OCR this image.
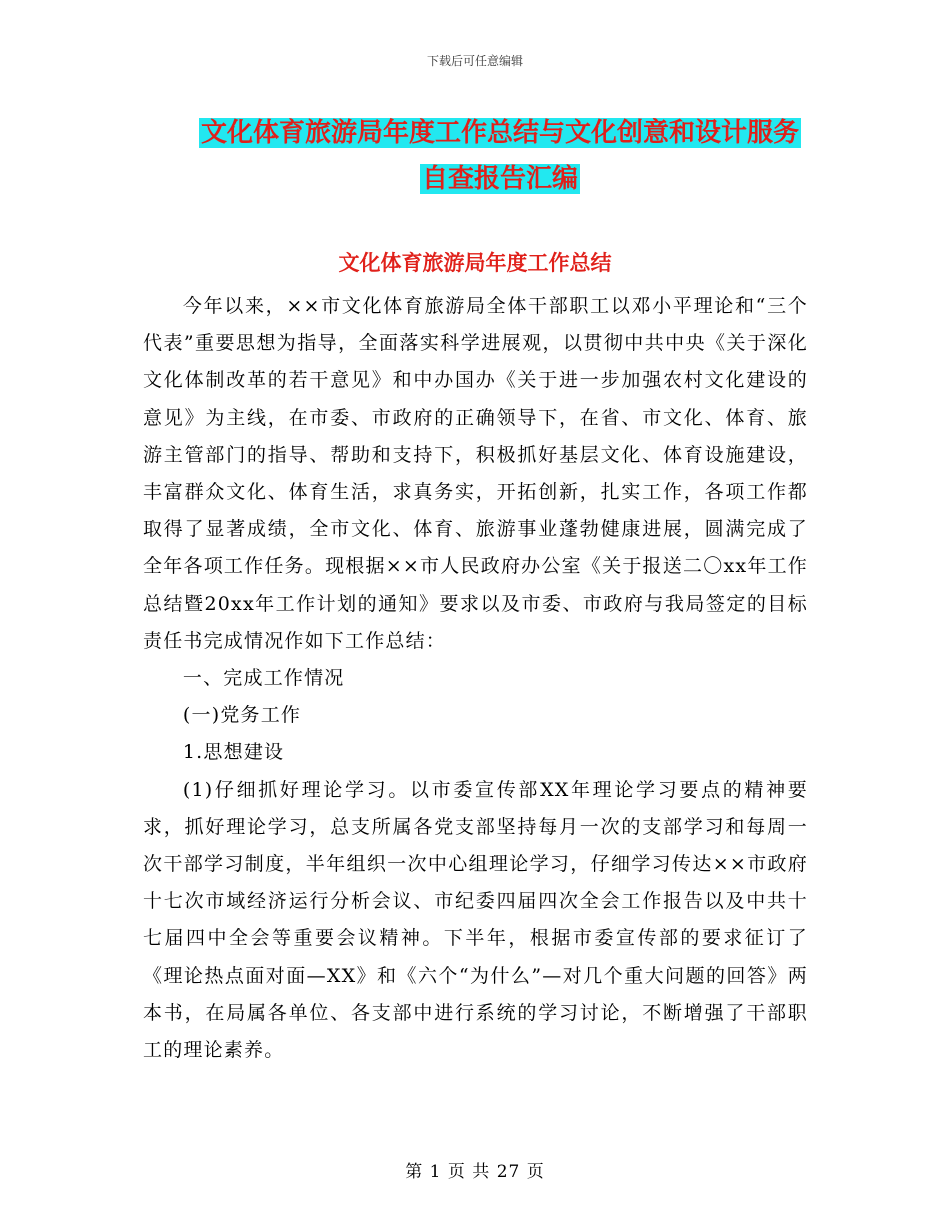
下载后可任意编辑
文化体育旅游局年度工作总结与文化创意和设计服务
自查报告汇编
文化体育旅游局年度工作总结

今年以来，××市文化体育旅游局全体干部职工以邓小平理论和“三个代表”重要思想为指导，全面落实科学进展观，以贯彻中共中央《关于深化文化体制改革的若干意见》和中办国办《关于进一步加强农村文化建设的意见》为主线，在市委、市政府的正确领导下，在省、市文化、体育、旅游主管部门的指导、帮助和支持下，积极抓好基层文化、体育设施建设，丰富群众文化、体育生活，求真务实，开拓创新，扎实工作，各项工作都取得了显著成绩，全市文化、体育、旅游事业蓬勃健康进展，圆满完成了全年各项工作任务。现根据××市人民政府办公室《关于报送二〇xx年工作总结暨20xx年工作计划的通知》要求以及市委、市政府与我局签定的目标责任书完成情况作如下工作总结：

一、完成工作情况

(一)党务工作

1.思想建设

(1)仔细抓好理论学习。以市委宣传部XX年理论学习要点的精神要求，抓好理论学习，总支所属各党支部坚持每月一次的支部学习和每周一次干部学习制度，半年组织一次中心组理论学习，仔细学习传达××市政府十七次市域经济运行分析会议、市纪委四届四次全会工作报告以及中共十七届四中全会等重要会议精神。下半年，根据市委宣传部的要求征订了《理论热点面对面—XX》和《六个“为什么”—对几个重大问题的回答》两本书，在局属各单位、各支部中进行系统的学习讨论，不断增强了干部职工的理论素养。

第 1 页 共 27 页
